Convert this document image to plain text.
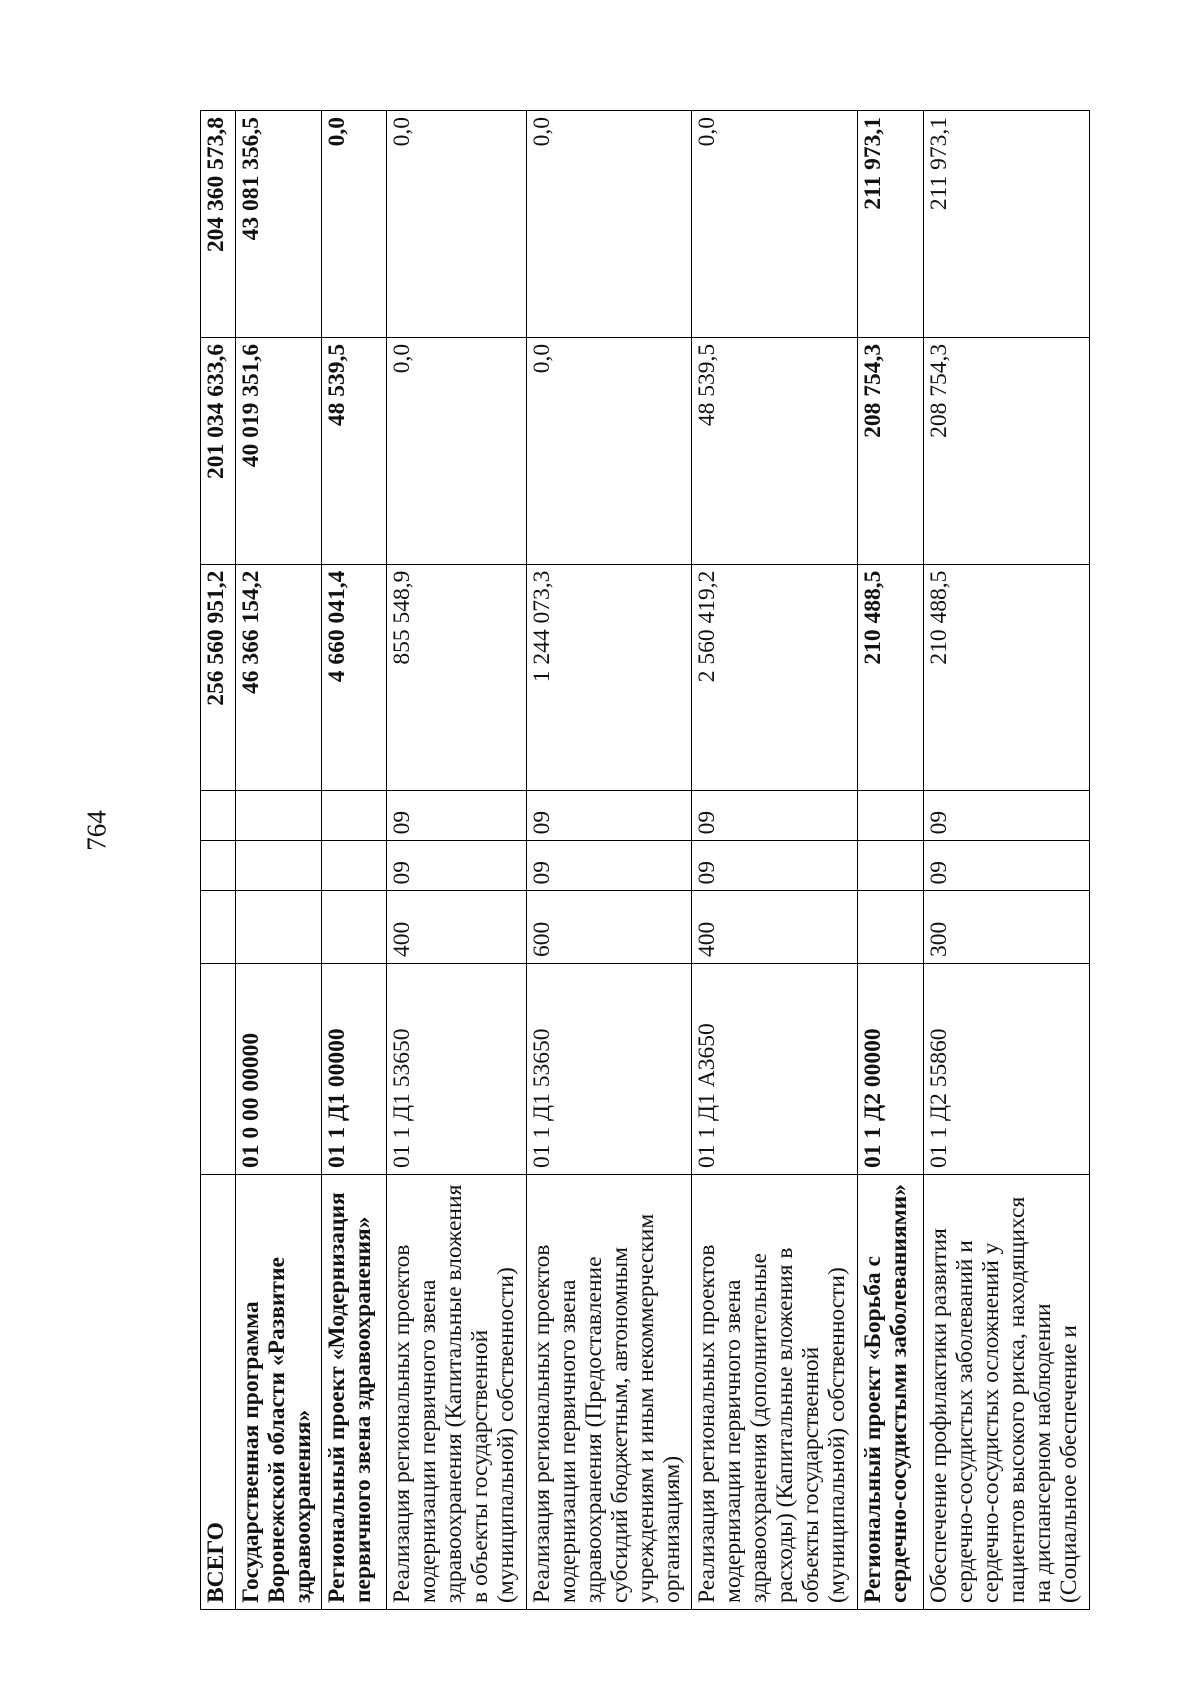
764
ВСЕГО					256 560 951,2	201 034 633,6	204 360 573,8
Государственная программа Воронежской области «Развитие здравоохранения»	01 0 00 00000				46 366 154,2	40 019 351,6	43 081 356,5
Региональный проект «Модернизация первичного звена здравоохранения»	01 1 Д1 00000				4 660 041,4	48 539,5	0,0
Реализация региональных проектов модернизации первичного звена здравоохранения (Капитальные вложения в объекты государственной (муниципальной) собственности)	01 1 Д1 53650	400	09	09	855 548,9	0,0	0,0
Реализация региональных проектов модернизации первичного звена здравоохранения (Предоставление субсидий бюджетным, автономным учреждениям и иным некоммерческим организациям)	01 1 Д1 53650	600	09	09	1 244 073,3	0,0	0,0
Реализация региональных проектов модернизации первичного звена здравоохранения (дополнительные расходы) (Капитальные вложения в объекты государственной (муниципальной) собственности)	01 1 Д1 А3650	400	09	09	2 560 419,2	48 539,5	0,0
Региональный проект «Борьба с сердечно-сосудистыми заболеваниями»	01 1 Д2 00000				210 488,5	208 754,3	211 973,1
Обеспечение профилактики развития сердечно-сосудистых заболеваний и сердечно-сосудистых осложнений у пациентов высокого риска, находящихся на диспансерном наблюдении (Социальное обеспечение и	01 1 Д2 55860	300	09	09	210 488,5	208 754,3	211 973,1
